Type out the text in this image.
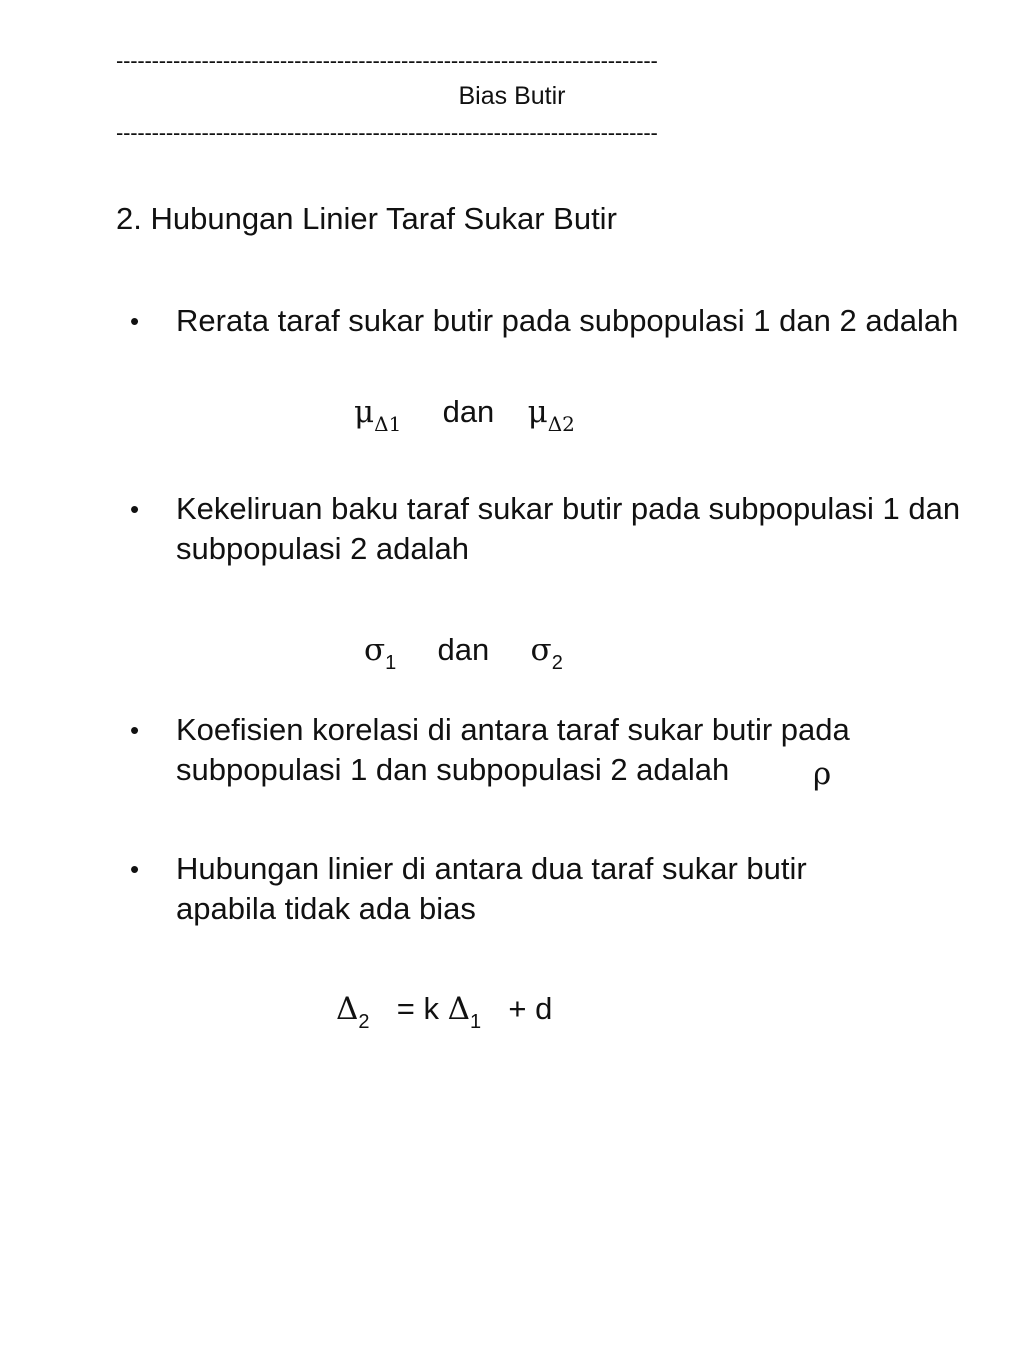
----------------------------------------------------------------------------
Bias Butir
----------------------------------------------------------------------------
2. Hubungan Linier Taraf Sukar Butir
• Rerata taraf sukar butir pada subpopulasi 1 dan 2 adalah
$\mu_{\Delta 1}$ dan $\mu_{\Delta 2}$
• Kekeliruan baku taraf sukar butir pada subpopulasi 1 dan subpopulasi 2 adalah
$\sigma_1$ dan $\sigma_2$
• Koefisien korelasi di antara taraf sukar butir pada subpopulasi 1 dan subpopulasi 2 adalah	ρ
• Hubungan linier di antara dua taraf sukar butir apabila tidak ada bias
$\Delta_2 = k$ $\Delta_1 + d$
